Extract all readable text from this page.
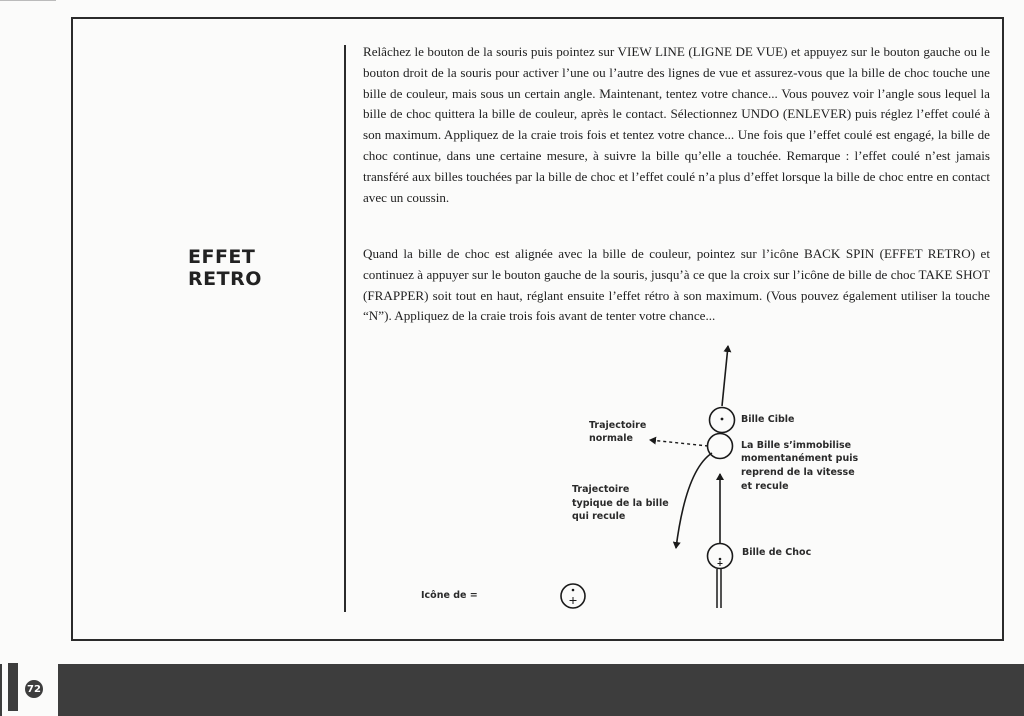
EFFET RETRO

Relâchez le bouton de la souris puis pointez sur VIEW LINE (LIGNE DE VUE) et appuyez sur le bouton gauche ou le bouton droit de la souris pour activer l’une ou l’autre des lignes de vue et assurez-vous que la bille de choc touche une bille de couleur, mais sous un certain angle. Maintenant, tentez votre chance... Vous pouvez voir l’angle sous lequel la bille de choc quittera la bille de couleur, après le contact. Sélectionnez UNDO (ENLEVER) puis réglez l’effet coulé à son maximum. Appliquez de la craie trois fois et tentez votre chance... Une fois que l’effet coulé est engagé, la bille de choc continue, dans une certaine mesure, à suivre la bille qu’elle a touchée. Remarque : l’effet coulé n’est jamais transféré aux billes touchées par la bille de choc et l’effet coulé n’a plus d’effet lorsque la bille de choc entre en contact avec un coussin.

Quand la bille de choc est alignée avec la bille de couleur, pointez sur l’icône BACK SPIN (EFFET RETRO) et continuez à appuyer sur le bouton gauche de la souris, jusqu’à ce que la croix sur l’icône de bille de choc TAKE SHOT (FRAPPER) soit tout en haut, réglant ensuite l’effet rétro à son maximum. (Vous pouvez également utiliser la touche “N”). Appliquez de la craie trois fois avant de tenter votre chance...

Bille Cible
Trajectoire
normale
La Bille s’immobilise
momentanément puis
reprend de la vitesse
et recule
Trajectoire
typique de la bille
qui recule
Bille de Choc
Icône de =
72
